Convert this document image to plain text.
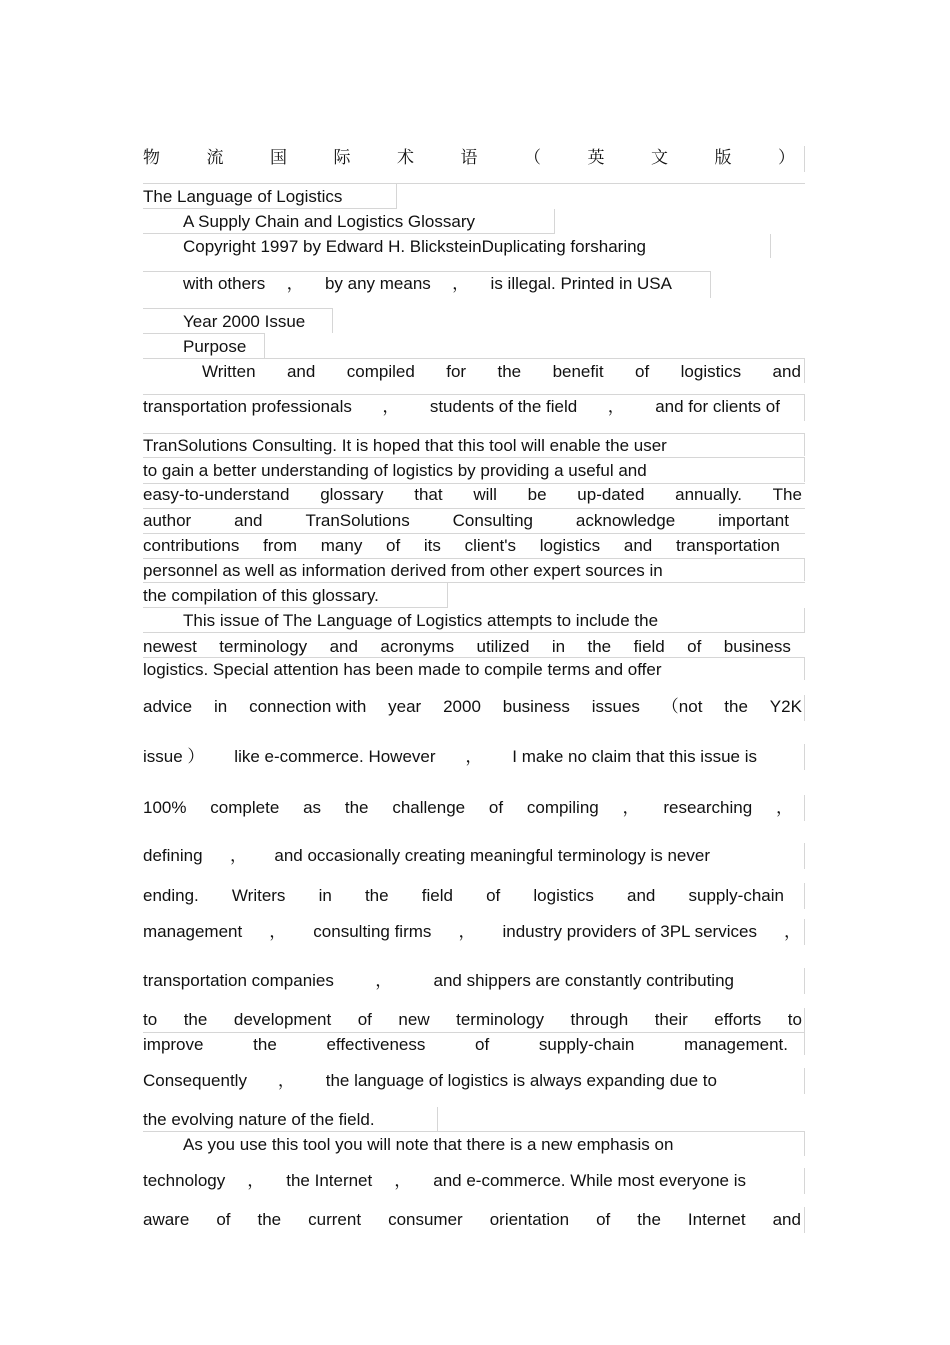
物	流	国	际	术	语	（	英	文	版	）
The Language of Logistics
A Supply Chain and Logistics Glossary
Copyright 1997 by Edward H. BlicksteinDuplicating forsharing
with others ， by any means ， is illegal. Printed in USA
Year 2000 Issue
Purpose
Written and compiled for the benefit of logistics and
transportation professionals ， students of the field ， and for clients of
TranSolutions Consulting. It is hoped that this tool will enable the user
to gain a better understanding of logistics by providing a useful and
easy-to-understand glossary that will be up-dated annually. The
author	and	TranSolutions	Consulting	acknowledge	important
contributions from many of its client's logistics and transportation
personnel as well as information derived from other expert sources in
the compilation of this glossary.
This issue of The Language of Logistics attempts to include the
newest terminology and acronyms utilized in the field of business
logistics. Special attention has been made to compile terms and offer
advice in connection with year 2000 business issues （not the Y2K
issue ） like e-commerce. However ， I make no claim that this issue is
100% complete as the challenge of compiling ， researching ，
defining ， and occasionally creating meaningful terminology is never
ending. Writers in the field of logistics and supply-chain
management ， consulting firms ， industry providers of 3PL services ，
transportation companies ， and shippers are constantly contributing
to the development of new terminology through their efforts to
improve	the	effectiveness	of	supply-chain	management.
Consequently ， the language of logistics is always expanding due to
the evolving nature of the field.
As you use this tool you will note that there is a new emphasis on
technology ， the Internet ， and e-commerce. While most everyone is
aware of the current consumer orientation of the Internet and
